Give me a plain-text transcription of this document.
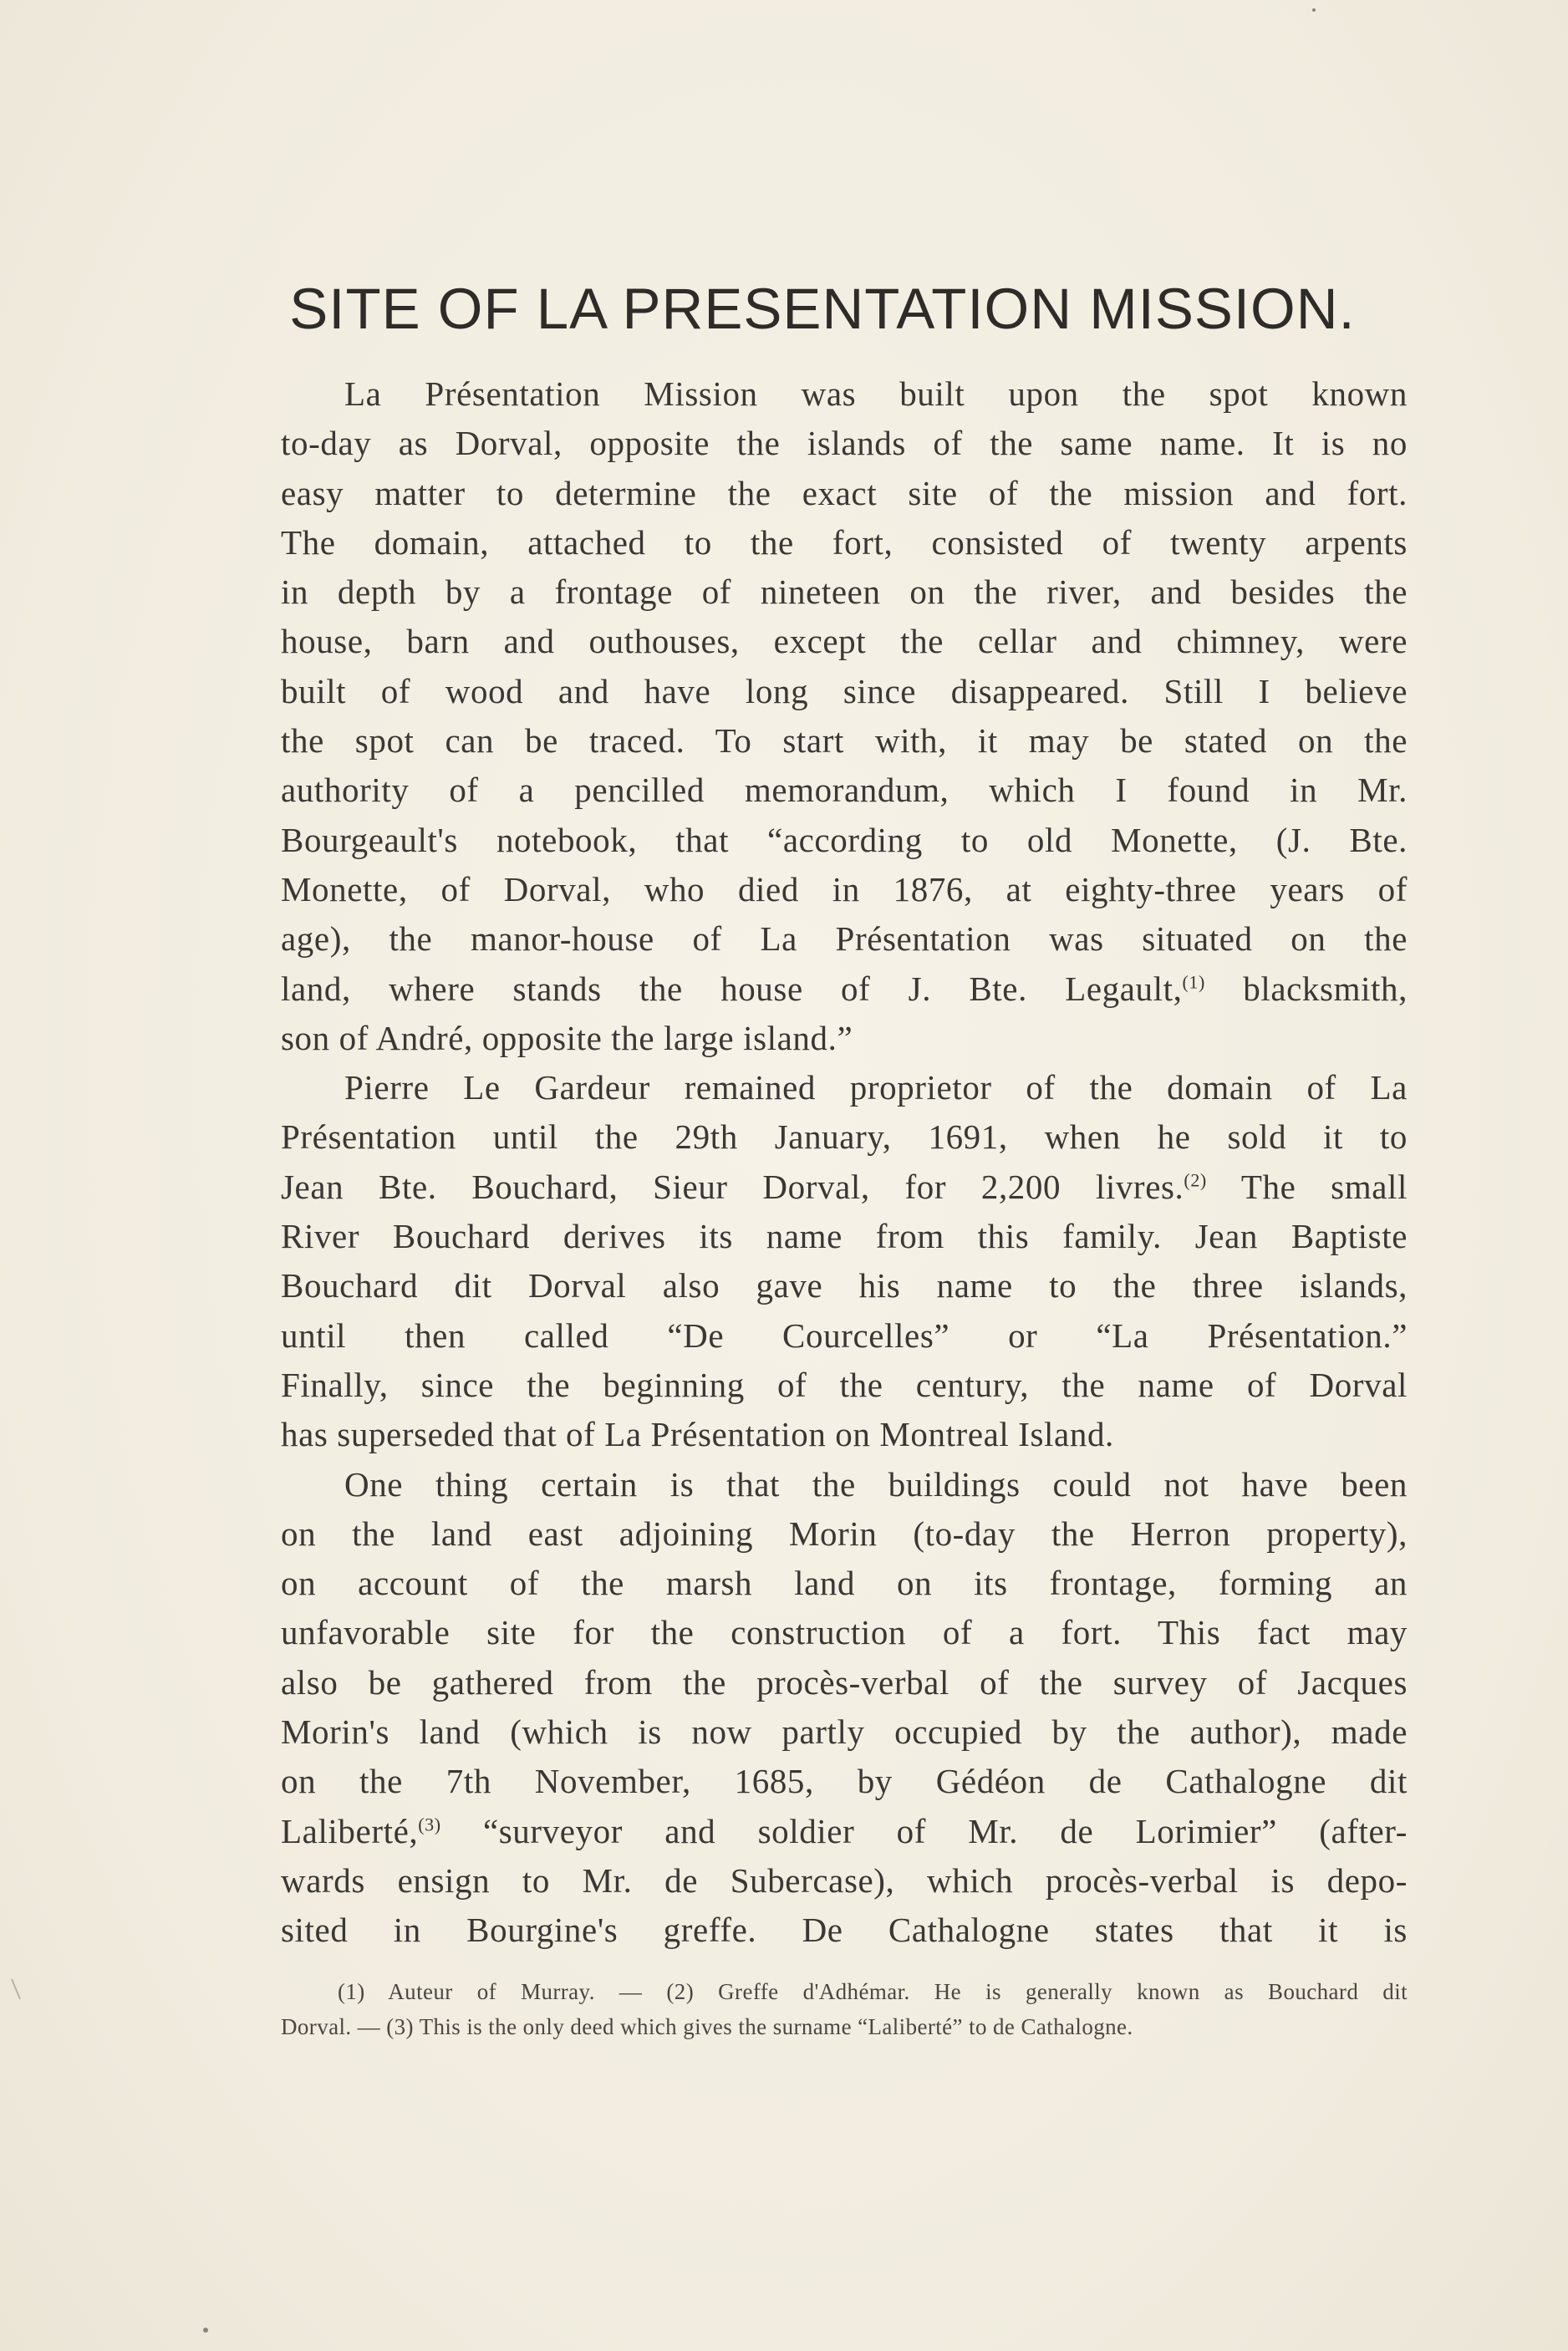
SITE OF LA PRESENTATION MISSION.
La Présentation Mission was built upon the spot known
to-day as Dorval, opposite the islands of the same name. It is no
easy matter to determine the exact site of the mission and fort.
The domain, attached to the fort, consisted of twenty arpents
in depth by a frontage of nineteen on the river, and besides the
house, barn and outhouses, except the cellar and chimney, were
built of wood and have long since disappeared. Still I believe
the spot can be traced. To start with, it may be stated on the
authority of a pencilled memorandum, which I found in Mr.
Bourgeault's notebook, that “according to old Monette, (J. Bte.
Monette, of Dorval, who died in 1876, at eighty-three years of
age), the manor-house of La Présentation was situated on the
land, where stands the house of J. Bte. Legault,$^{(1)}$ blacksmith,
son of André, opposite the large island.”
Pierre Le Gardeur remained proprietor of the domain of La
Présentation until the 29th January, 1691, when he sold it to
Jean Bte. Bouchard, Sieur Dorval, for 2,200 livres.$^{(2)}$ The small
River Bouchard derives its name from this family. Jean Baptiste
Bouchard dit Dorval also gave his name to the three islands,
until then called “De Courcelles” or “La Présentation.”
Finally, since the beginning of the century, the name of Dorval
has superseded that of La Présentation on Montreal Island.
One thing certain is that the buildings could not have been
on the land east adjoining Morin (to-day the Herron property),
on account of the marsh land on its frontage, forming an
unfavorable site for the construction of a fort. This fact may
also be gathered from the procès-verbal of the survey of Jacques
Morin's land (which is now partly occupied by the author), made
on the 7th November, 1685, by Gédéon de Cathalogne dit
Laliberté,$^{(3)}$ “surveyor and soldier of Mr. de Lorimier” (after-
wards ensign to Mr. de Subercase), which procès-verbal is depo-
sited in Bourgine's greffe. De Cathalogne states that it is
(1) Auteur of Murray. — (2) Greffe d'Adhémar. He is generally known as Bouchard dit
Dorval. — (3) This is the only deed which gives the surname “Laliberté” to de Cathalogne.
